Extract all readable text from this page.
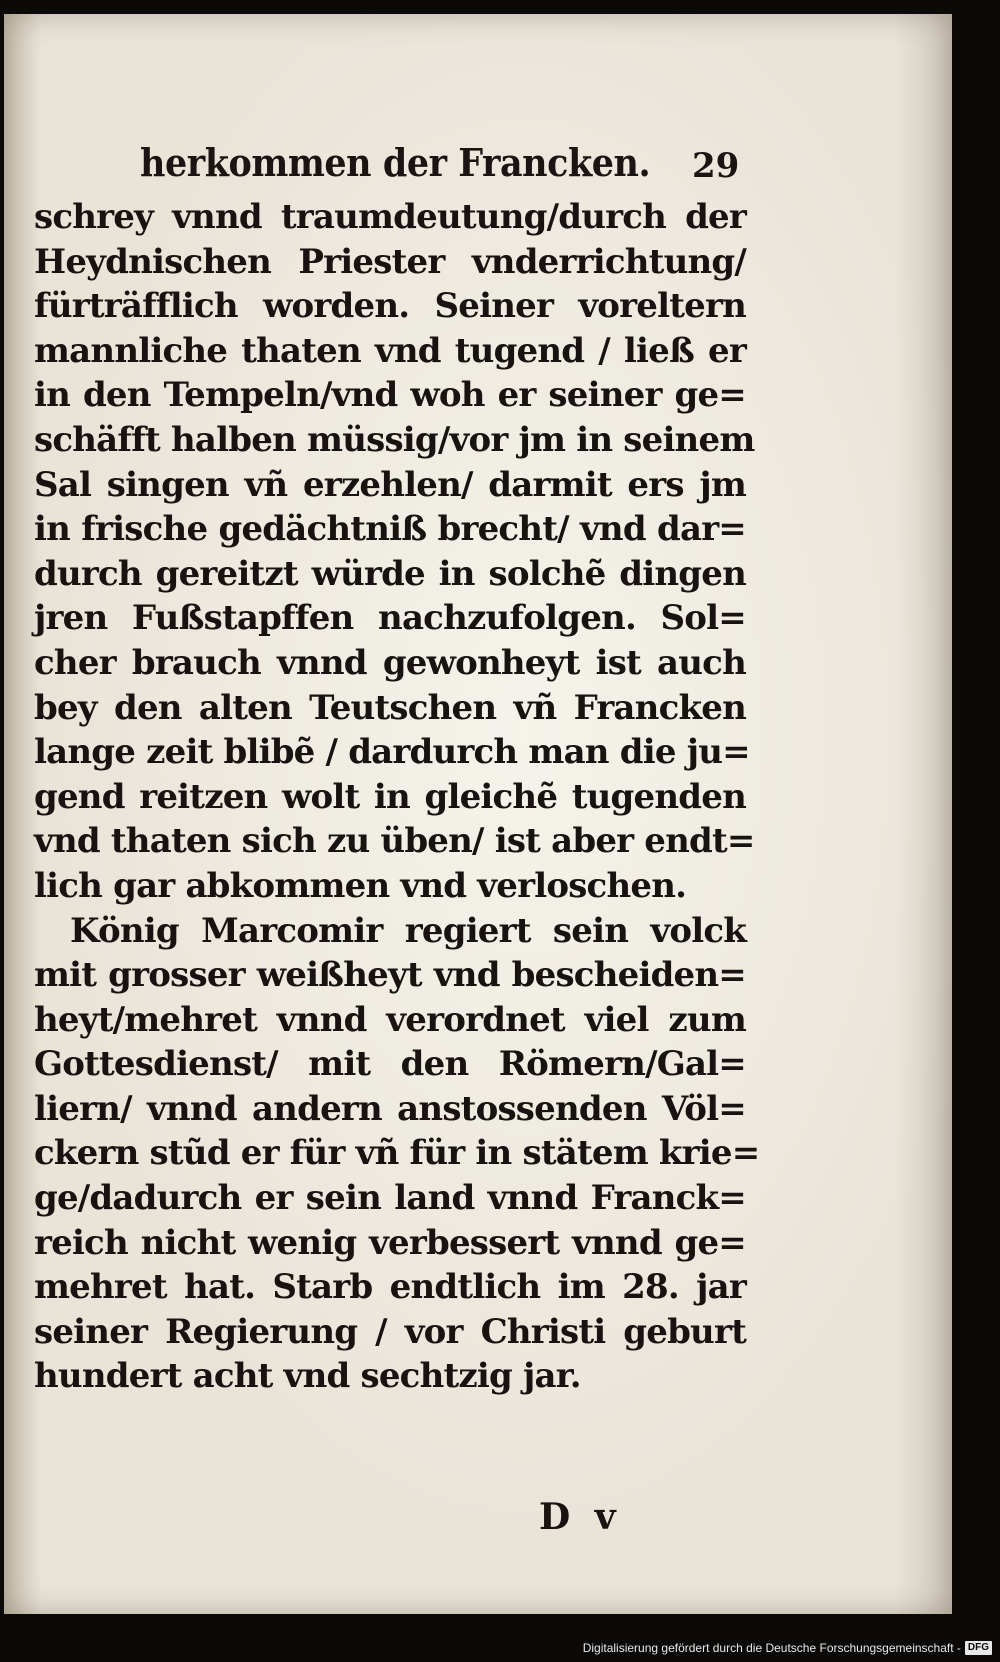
herkommen der Francken. 29
schrey vnnd traumdeutung/durch der
Heydnischen Priester vnderrichtung/
fürträfflich worden. Seiner voreltern
mannliche thaten vnd tugend / ließ er
in den Tempeln/vnd woh er seiner ge=
schäfft halben müssig/vor jm in seinem
Sal singen vñ erzehlen/ darmit ers jm
in frische gedächtniß brecht/ vnd dar=
durch gereitzt würde in solchẽ dingen
jren Fußstapffen nachzufolgen. Sol=
cher brauch vnnd gewonheyt ist auch
bey den alten Teutschen vñ Francken
lange zeit blibẽ / dardurch man die ju=
gend reitzen wolt in gleichẽ tugenden
vnd thaten sich zu üben/ ist aber endt=
lich gar abkommen vnd verloschen.
König Marcomir regiert sein volck
mit grosser weißheyt vnd bescheiden=
heyt/mehret vnnd verordnet viel zum
Gottesdienst/ mit den Römern/Gal=
liern/ vnnd andern anstossenden Völ=
ckern stũd er für vñ für in stätem krie=
ge/dadurch er sein land vnnd Franck=
reich nicht wenig verbessert vnnd ge=
mehret hat. Starb endtlich im 28. jar
seiner Regierung / vor Christi geburt
hundert acht vnd sechtzig jar.
D v
Digitalisierung gefördert durch die Deutsche Forschungsgemeinschaft - DFG
